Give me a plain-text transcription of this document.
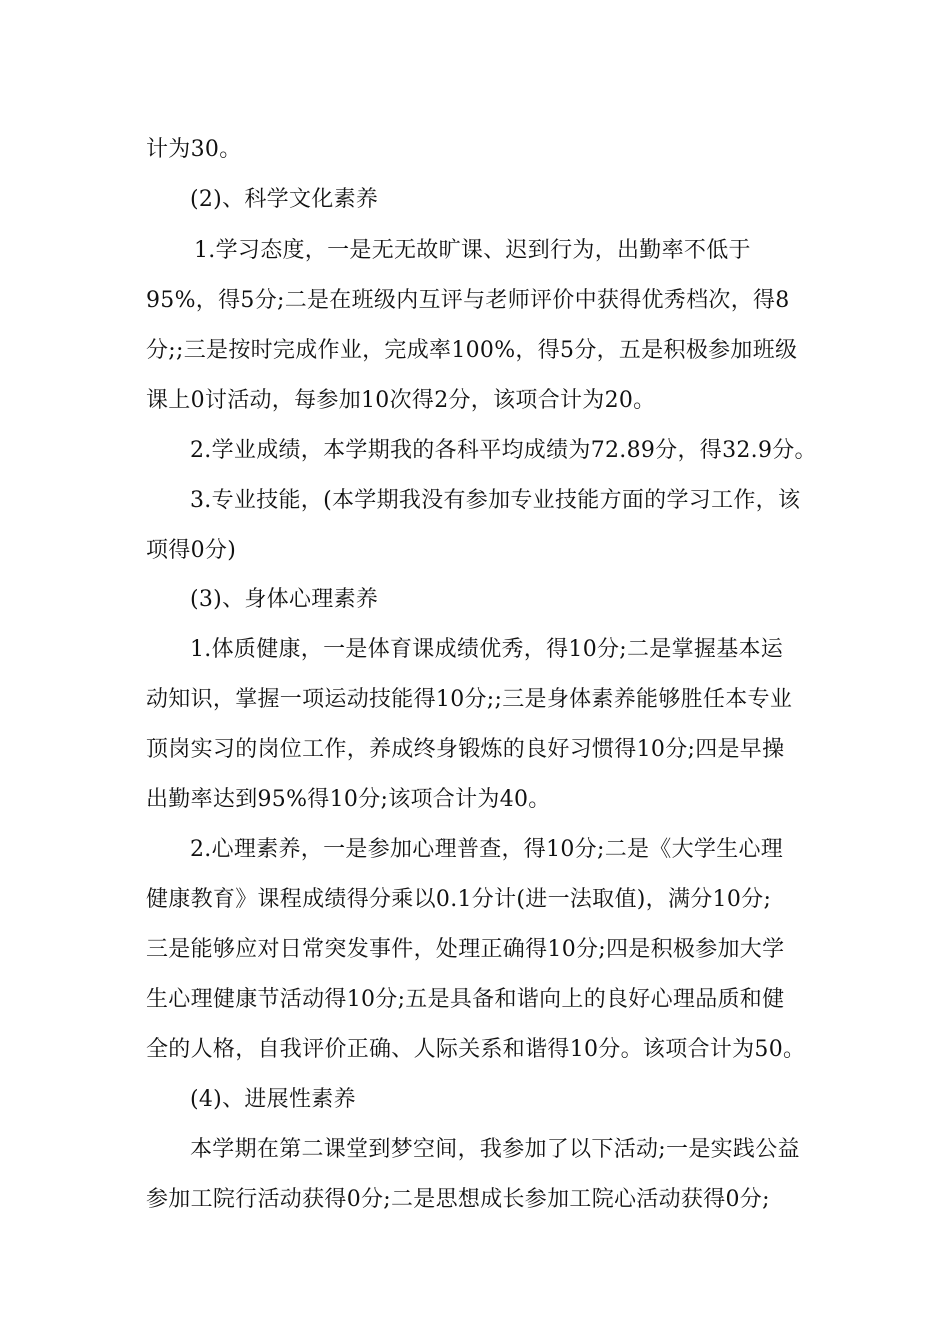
计为30。
(2)、科学文化素养
1.学习态度，一是无无故旷课、迟到行为，出勤率不低于
95%，得5分;二是在班级内互评与老师评价中获得优秀档次，得8
分;;三是按时完成作业，完成率100%，得5分，五是积极参加班级
课上0讨活动，每参加10次得2分，该项合计为20。
2.学业成绩，本学期我的各科平均成绩为72.89分，得32.9分。
3.专业技能，(本学期我没有参加专业技能方面的学习工作，该
项得0分)
(3)、身体心理素养
1.体质健康，一是体育课成绩优秀，得10分;二是掌握基本运
动知识，掌握一项运动技能得10分;;三是身体素养能够胜任本专业
顶岗实习的岗位工作，养成终身锻炼的良好习惯得10分;四是早操
出勤率达到95%得10分;该项合计为40。
2.心理素养，一是参加心理普查，得10分;二是《大学生心理
健康教育》课程成绩得分乘以0.1分计(进一法取值)，满分10分;
三是能够应对日常突发事件，处理正确得10分;四是积极参加大学
生心理健康节活动得10分;五是具备和谐向上的良好心理品质和健
全的人格，自我评价正确、人际关系和谐得10分。该项合计为50。
(4)、进展性素养
本学期在第二课堂到梦空间，我参加了以下活动;一是实践公益
参加工院行活动获得0分;二是思想成长参加工院心活动获得0分;
